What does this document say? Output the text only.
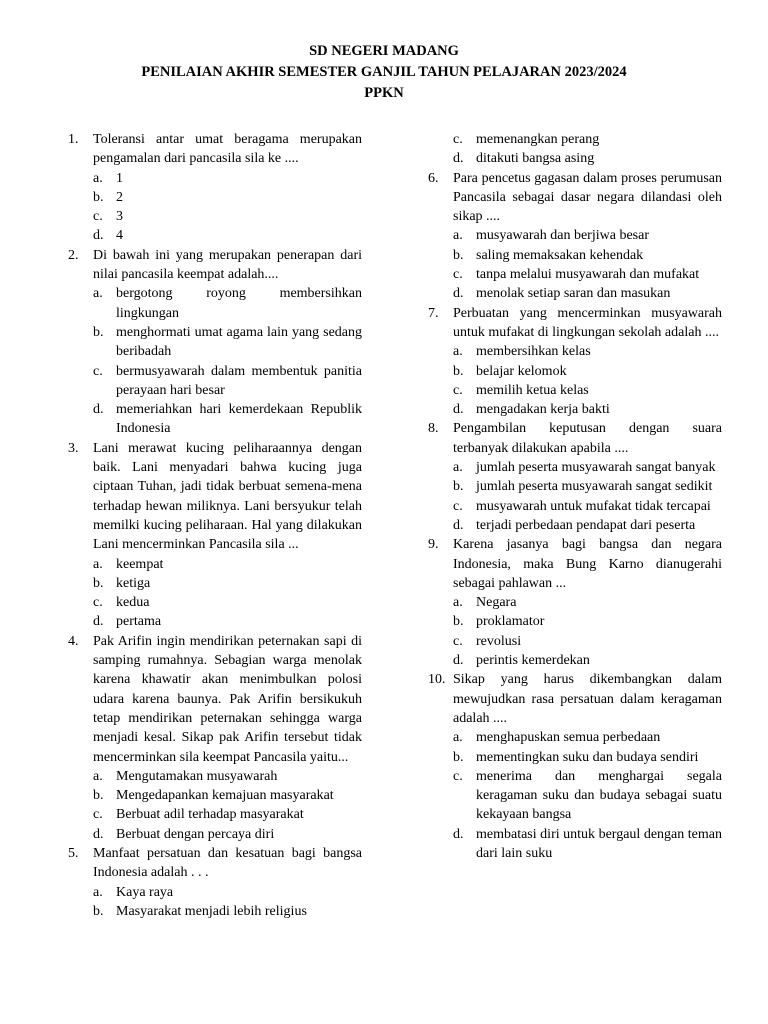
SD NEGERI MADANG
PENILAIAN AKHIR SEMESTER GANJIL TAHUN PELAJARAN 2023/2024
PPKN
1. Toleransi antar umat beragama merupakan pengamalan dari pancasila sila ke ....
a. 1
b. 2
c. 3
d. 4
2. Di bawah ini yang merupakan penerapan dari nilai pancasila keempat adalah....
a. bergotong royong membersihkan lingkungan
b. menghormati umat agama lain yang sedang beribadah
c. bermusyawarah dalam membentuk panitia perayaan hari besar
d. memeriahkan hari kemerdekaan Republik Indonesia
3. Lani merawat kucing peliharaannya dengan baik. Lani menyadari bahwa kucing juga ciptaan Tuhan, jadi tidak berbuat semena-mena terhadap hewan miliknya. Lani bersyukur telah memilki kucing peliharaan. Hal yang dilakukan Lani mencerminkan Pancasila sila ...
a. keempat
b. ketiga
c. kedua
d. pertama
4. Pak Arifin ingin mendirikan peternakan sapi di samping rumahnya. Sebagian warga menolak karena khawatir akan menimbulkan polosi udara karena baunya. Pak Arifin bersikukuh tetap mendirikan peternakan sehingga warga menjadi kesal. Sikap pak Arifin tersebut tidak mencerminkan sila keempat Pancasila yaitu...
a. Mengutamakan musyawarah
b. Mengedapankan kemajuan masyarakat
c. Berbuat adil terhadap masyarakat
d. Berbuat dengan percaya diri
5. Manfaat persatuan dan kesatuan bagi bangsa Indonesia adalah . . .
a. Kaya raya
b. Masyarakat menjadi lebih religius
c. memenangkan perang
d. ditakuti bangsa asing
6. Para pencetus gagasan dalam proses perumusan Pancasila sebagai dasar negara dilandasi oleh sikap ....
a. musyawarah dan berjiwa besar
b. saling memaksakan kehendak
c. tanpa melalui musyawarah dan mufakat
d. menolak setiap saran dan masukan
7. Perbuatan yang mencerminkan musyawarah untuk mufakat di lingkungan sekolah adalah ....
a. membersihkan kelas
b. belajar kelomok
c. memilih ketua kelas
d. mengadakan kerja bakti
8. Pengambilan keputusan dengan suara terbanyak dilakukan apabila ....
a. jumlah peserta musyawarah sangat banyak
b. jumlah peserta musyawarah sangat sedikit
c. musyawarah untuk mufakat tidak tercapai
d. terjadi perbedaan pendapat dari peserta
9. Karena jasanya bagi bangsa dan negara Indonesia, maka Bung Karno dianugerahi sebagai pahlawan ...
a. Negara
b. proklamator
c. revolusi
d. perintis kemerdekan
10. Sikap yang harus dikembangkan dalam mewujudkan rasa persatuan dalam keragaman adalah ....
a. menghapuskan semua perbedaan
b. mementingkan suku dan budaya sendiri
c. menerima dan menghargai segala keragaman suku dan budaya sebagai suatu kekayaan bangsa
d. membatasi diri untuk bergaul dengan teman dari lain suku
